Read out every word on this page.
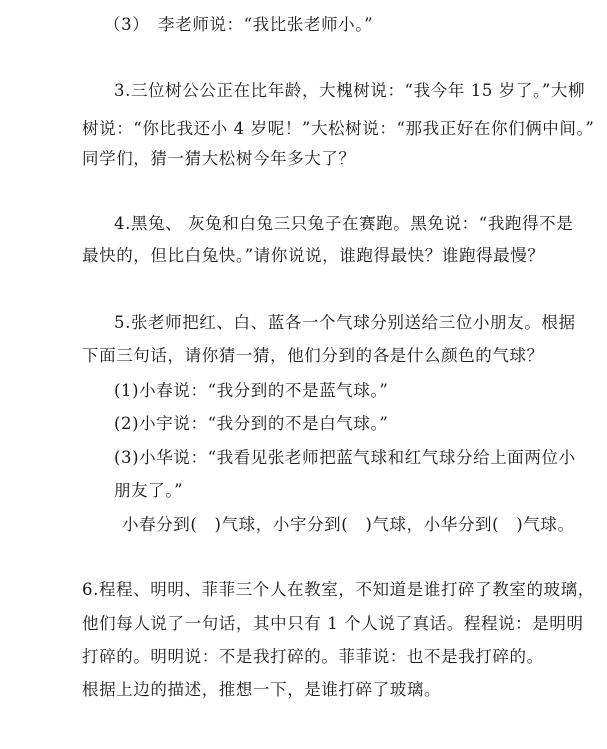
（3）　李老师说：“我比张老师小。”
3.三位树公公正在比年龄，大槐树说：“我今年 15 岁了。”大柳
树说：“你比我还小 4 岁呢！”大松树说：“那我正好在你们俩中间。”
同学们，猜一猜大松树今年多大了？
4.黑兔、 灰兔和白兔三只兔子在赛跑。黑免说：“我跑得不是
最快的，但比白兔快。”请你说说，谁跑得最快？谁跑得最慢？
5.张老师把红、白、蓝各一个气球分别送给三位小朋友。根据
下面三句话，请你猜一猜，他们分到的各是什么颜色的气球？
(1)小春说：“我分到的不是蓝气球。”
(2)小宇说：“我分到的不是白气球。”
(3)小华说：“我看见张老师把蓝气球和红气球分给上面两位小
朋友了。”
小春分到(　)气球，小宇分到(　)气球，小华分到(　)气球。
6.程程、明明、菲菲三个人在教室，不知道是谁打碎了教室的玻璃，
他们每人说了一句话，其中只有 1 个人说了真话。程程说：是明明
打碎的。明明说：不是我打碎的。菲菲说：也不是我打碎的。
根据上边的描述，推想一下，是谁打碎了玻璃。
